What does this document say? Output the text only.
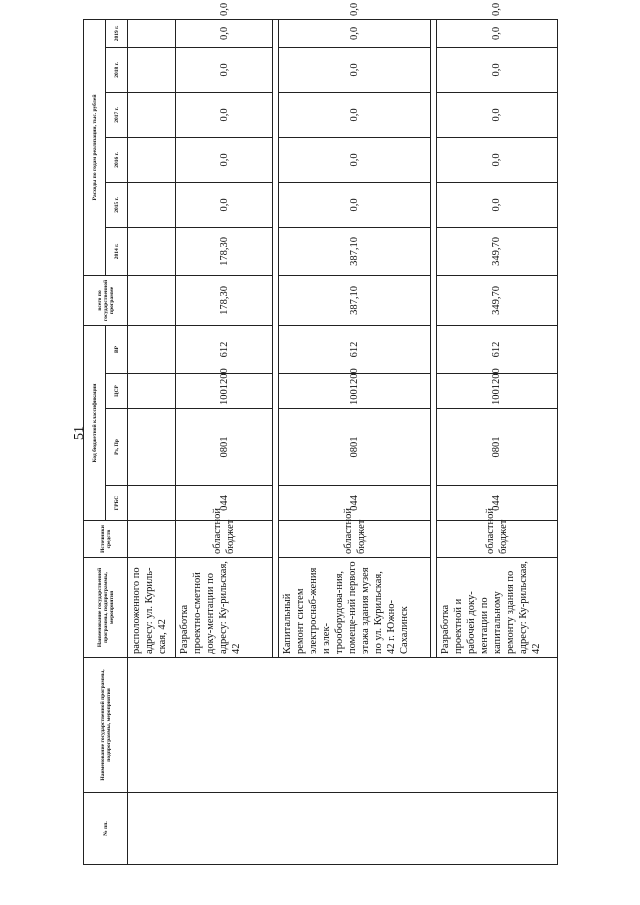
51
№ пп.	Наименование государственной программы, подпрограммы, мероприятия	Наименование государственной программы, подпрограммы, мероприятия	Источники средств	Код бюджетной классификации				всего по государственной программе	Расходы по годам реализации, тыс. рублей						
				ГРБС	Рз, Пр	ЦСР	ВР		2014 г.	2015 г.	2016 г.	2017 г.	2018 г.	2019 г.	
		расположенного по адресу: ул. Куриль-ская, 42													
		Разработка проектно-сметной доку-ментации по адресу: Ку-рильская, 42	областной бюджет	044	0801	1001200	612	178,30	178,30	0,0	0,0	0,0	0,0	0,0	0,0

		Капитальный ремонт систем электроснаб-жения и элек-трооборудова-ния, помеще-ний первого этажа здания музея по ул. Курильская, 42 г. Южно-Сахалинск	областной бюджет	044	0801	1001200	612	387,10	387,10	0,0	0,0	0,0	0,0	0,0	0,0

		Разработка проектной и рабочей доку-ментации по капитальному ремонту здания по адресу: Ку-рильская, 42	областной бюджет	044	0801	1001200	612	349,70	349,70	0,0	0,0	0,0	0,0	0,0	0,0
